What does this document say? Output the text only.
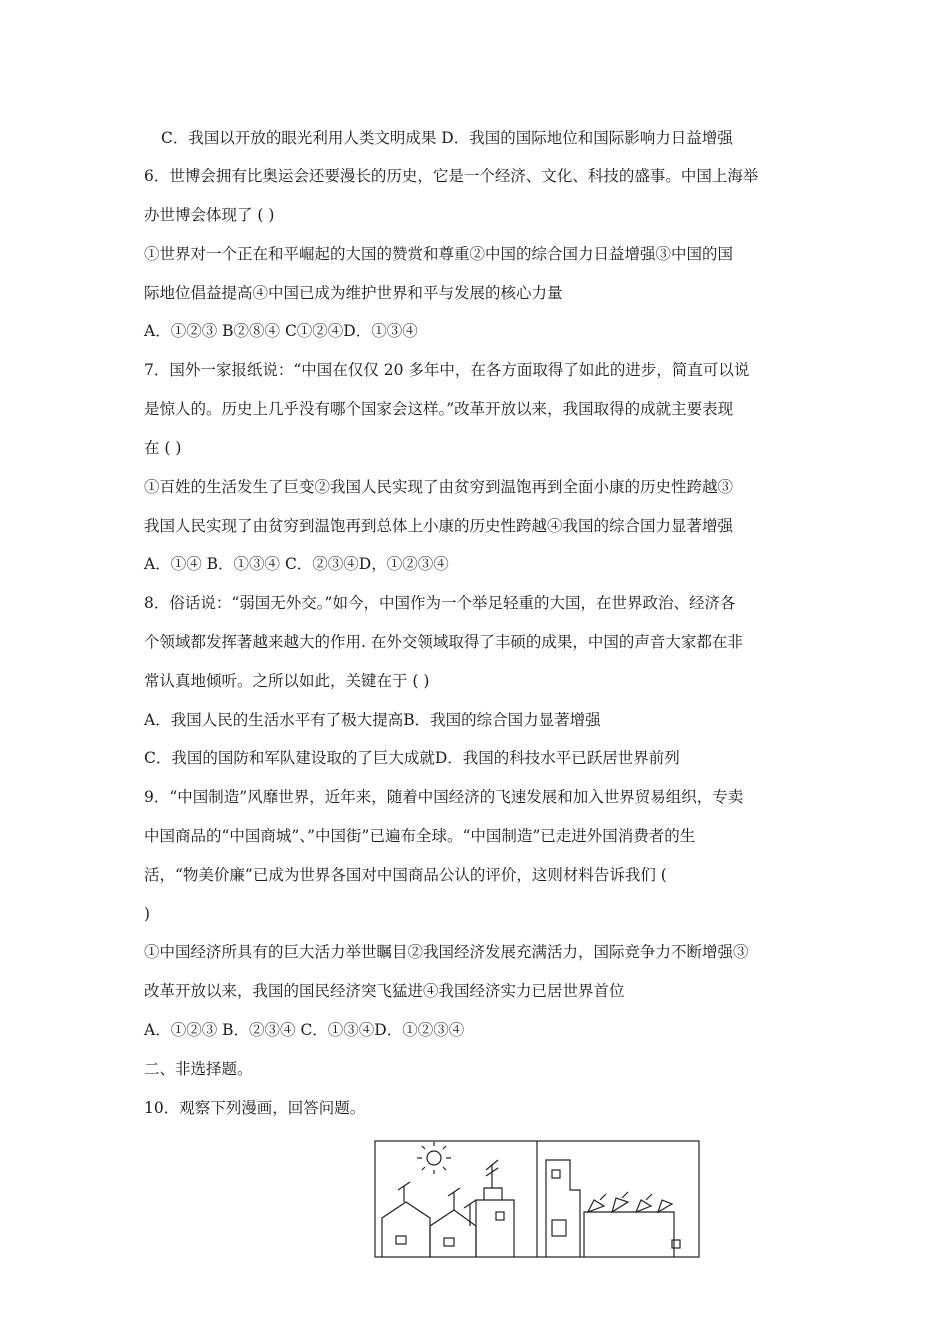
C．我国以开放的眼光利用人类文明成果 D．我国的国际地位和国际影响力日益增强
6．世博会拥有比奥运会还要漫长的历史，它是一个经济、文化、科技的盛事。中国上海举
办世博会体现了 ( )
①世界对一个正在和平崛起的大国的赞赏和尊重②中国的综合国力日益增强③中国的国
际地位倡益提高④中国已成为维护世界和平与发展的核心力量
A．①②③ B②⑧④ C①②④D．①③④
7．国外一家报纸说：“中国在仅仅 20 多年中，在各方面取得了如此的进步，简直可以说
是惊人的。历史上几乎没有哪个国家会这样。”改革开放以来，我国取得的成就主要表现
在 ( )
①百姓的生活发生了巨变②我国人民实现了由贫穷到温饱再到全面小康的历史性跨越③
我国人民实现了由贫穷到温饱再到总体上小康的历史性跨越④我国的综合国力显著增强
A．①④ B．①③④ C．②③④D，①②③④
8．俗话说：“弱国无外交。”如今，中国作为一个举足轻重的大国，在世界政治、经济各
个领域都发挥著越来越大的作用. 在外交领域取得了丰硕的成果，中国的声音大家都在非
常认真地倾听。之所以如此，关键在于 ( )
A．我国人民的生活水平有了极大提高B．我国的综合国力显著增强
C．我国的国防和军队建设取的了巨大成就D．我国的科技水平已跃居世界前列
9．“中国制造”风靡世界，近年来，随着中国经济的飞速发展和加入世界贸易组织，专卖
中国商品的“中国商城”、”中国街”已遍布全球。“中国制造”已走进外国消费者的生
活，“物美价廉”已成为世界各国对中国商品公认的评价，这则材料告诉我们 (
)
①中国经济所具有的巨大活力举世瞩目②我国经济发展充满活力，国际竞争力不断增强③
改革开放以来，我国的国民经济突飞猛进④我国经济实力已居世界首位
A．①②③ B．②③④ C．①③④D．①②③④
二、非选择题。
10．观察下列漫画，回答问题。
